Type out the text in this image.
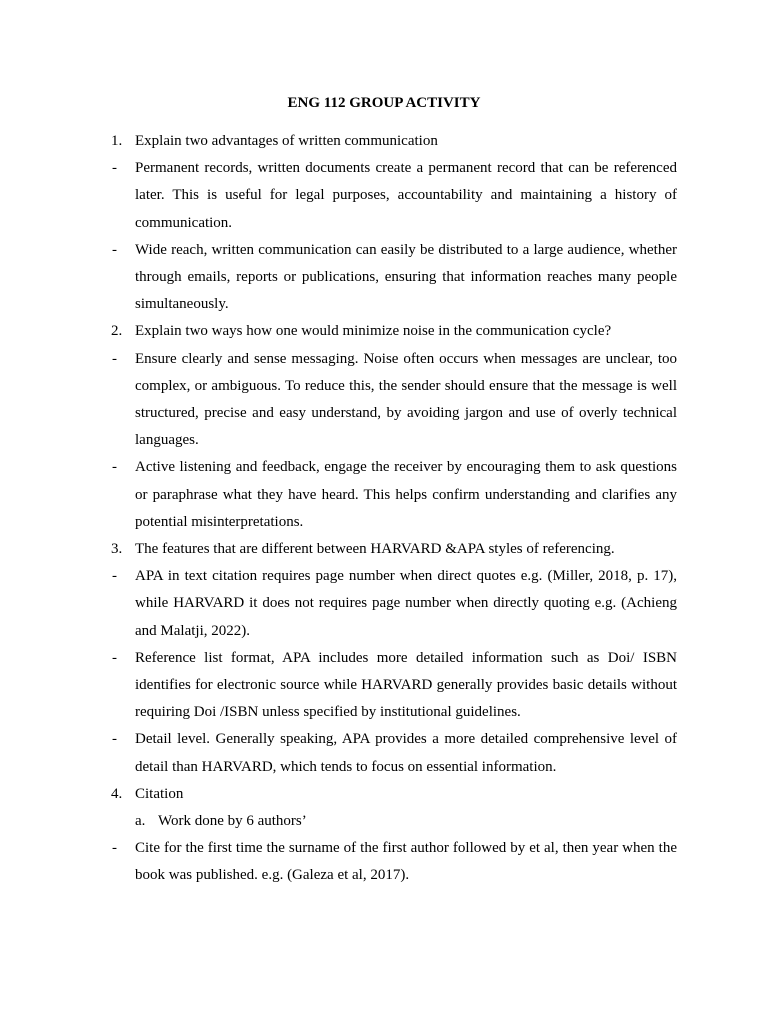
ENG 112 GROUP ACTIVITY
1. Explain two advantages of written communication
- Permanent records, written documents create a permanent record that can be referenced later. This is useful for legal purposes, accountability and maintaining a history of communication.
- Wide reach, written communication can easily be distributed to a large audience, whether through emails, reports or publications, ensuring that information reaches many people simultaneously.
2. Explain two ways how one would minimize noise in the communication cycle?
- Ensure clearly and sense messaging. Noise often occurs when messages are unclear, too complex, or ambiguous. To reduce this, the sender should ensure that the message is well structured, precise and easy understand, by avoiding jargon and use of overly technical languages.
- Active listening and feedback, engage the receiver by encouraging them to ask questions or paraphrase what they have heard. This helps confirm understanding and clarifies any potential misinterpretations.
3. The features that are different between HARVARD &APA styles of referencing.
- APA in text citation requires page number when direct quotes e.g. (Miller, 2018, p. 17), while HARVARD it does not requires page number when directly quoting e.g. (Achieng and Malatji, 2022).
- Reference list format, APA includes more detailed information such as Doi/ ISBN identifies for electronic source while HARVARD generally provides basic details without requiring Doi /ISBN unless specified by institutional guidelines.
- Detail level. Generally speaking, APA provides a more detailed comprehensive level of detail than HARVARD, which tends to focus on essential information.
4. Citation
a. Work done by 6 authors’
- Cite for the first time the surname of the first author followed by et al, then year when the book was published. e.g. (Galeza et al, 2017).
